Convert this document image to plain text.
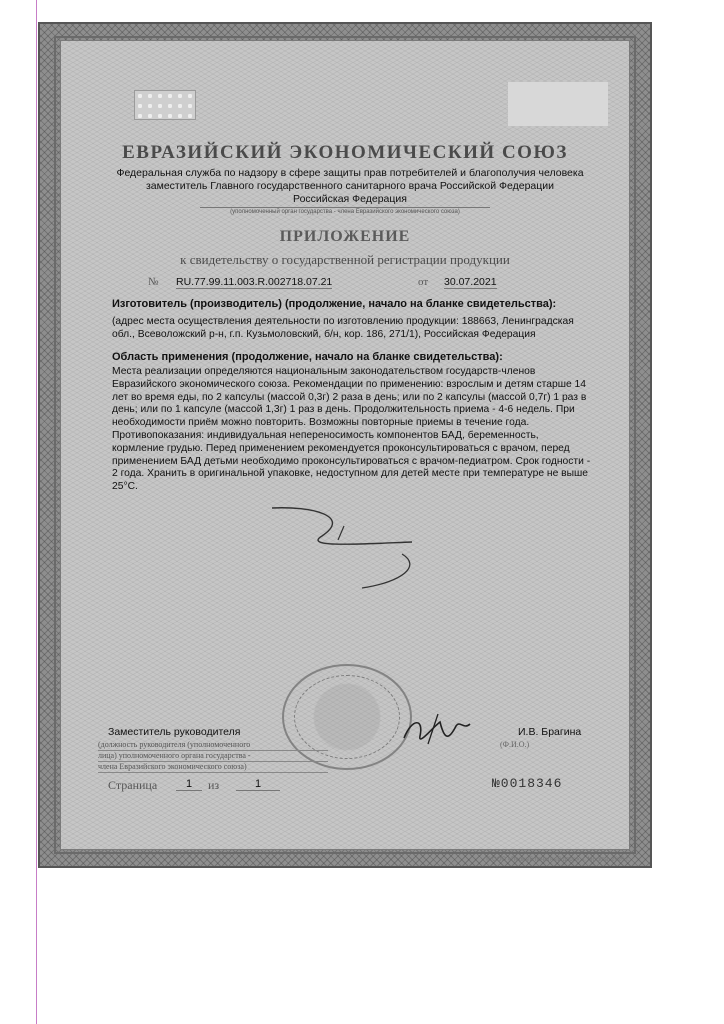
ЕВРАЗИЙСКИЙ ЭКОНОМИЧЕСКИЙ СОЮЗ
Федеральная служба по надзору в сфере защиты прав потребителей и благополучия человека
заместитель Главного государственного санитарного врача Российской Федерации
Российская Федерация
(уполномоченный орган государства - члена Евразийского экономического союза)
ПРИЛОЖЕНИЕ
к свидетельству о государственной регистрации продукции
№ RU.77.99.11.003.R.002718.07.21	от 30.07.2021
Изготовитель (производитель) (продолжение, начало на бланке свидетельства):
(адрес места осуществления деятельности по изготовлению продукции: 188663, Ленинградская обл., Всеволожский р-н, г.п. Кузьмоловский, б/н, кор. 186, 271/1), Российская Федерация
Область применения (продолжение, начало на бланке свидетельства):
Места реализации определяются национальным законодательством государств-членов Евразийского экономического союза. Рекомендации по применению: взрослым и детям старше 14 лет во время еды, по 2 капсулы (массой 0,3г) 2 раза в день; или по 2 капсулы (массой 0,7г) 1 раз в день; или по 1 капсуле (массой 1,3г) 1 раз в день. Продолжительность приема - 4-6 недель. При необходимости приём можно повторить. Возможны повторные приемы в течение года. Противопоказания: индивидуальная непереносимость компонентов БАД, беременность, кормление грудью. Перед применением рекомендуется проконсультироваться с врачом, перед применением БАД детьми необходимо проконсультироваться с врачом-педиатром. Срок годности - 2 года. Хранить в оригинальной упаковке, недоступном для детей месте при температуре не выше 25°С.
Заместитель руководителя	И.В. Брагина
(должность руководителя (уполномоченного
лица) уполномоченного органа государства -
члена Евразийского экономического союза)
(Ф.И.О.)
Страница	1	из	1	№0018346
© ООО «Первый печатный двор», г. Москва, 2020 г.
